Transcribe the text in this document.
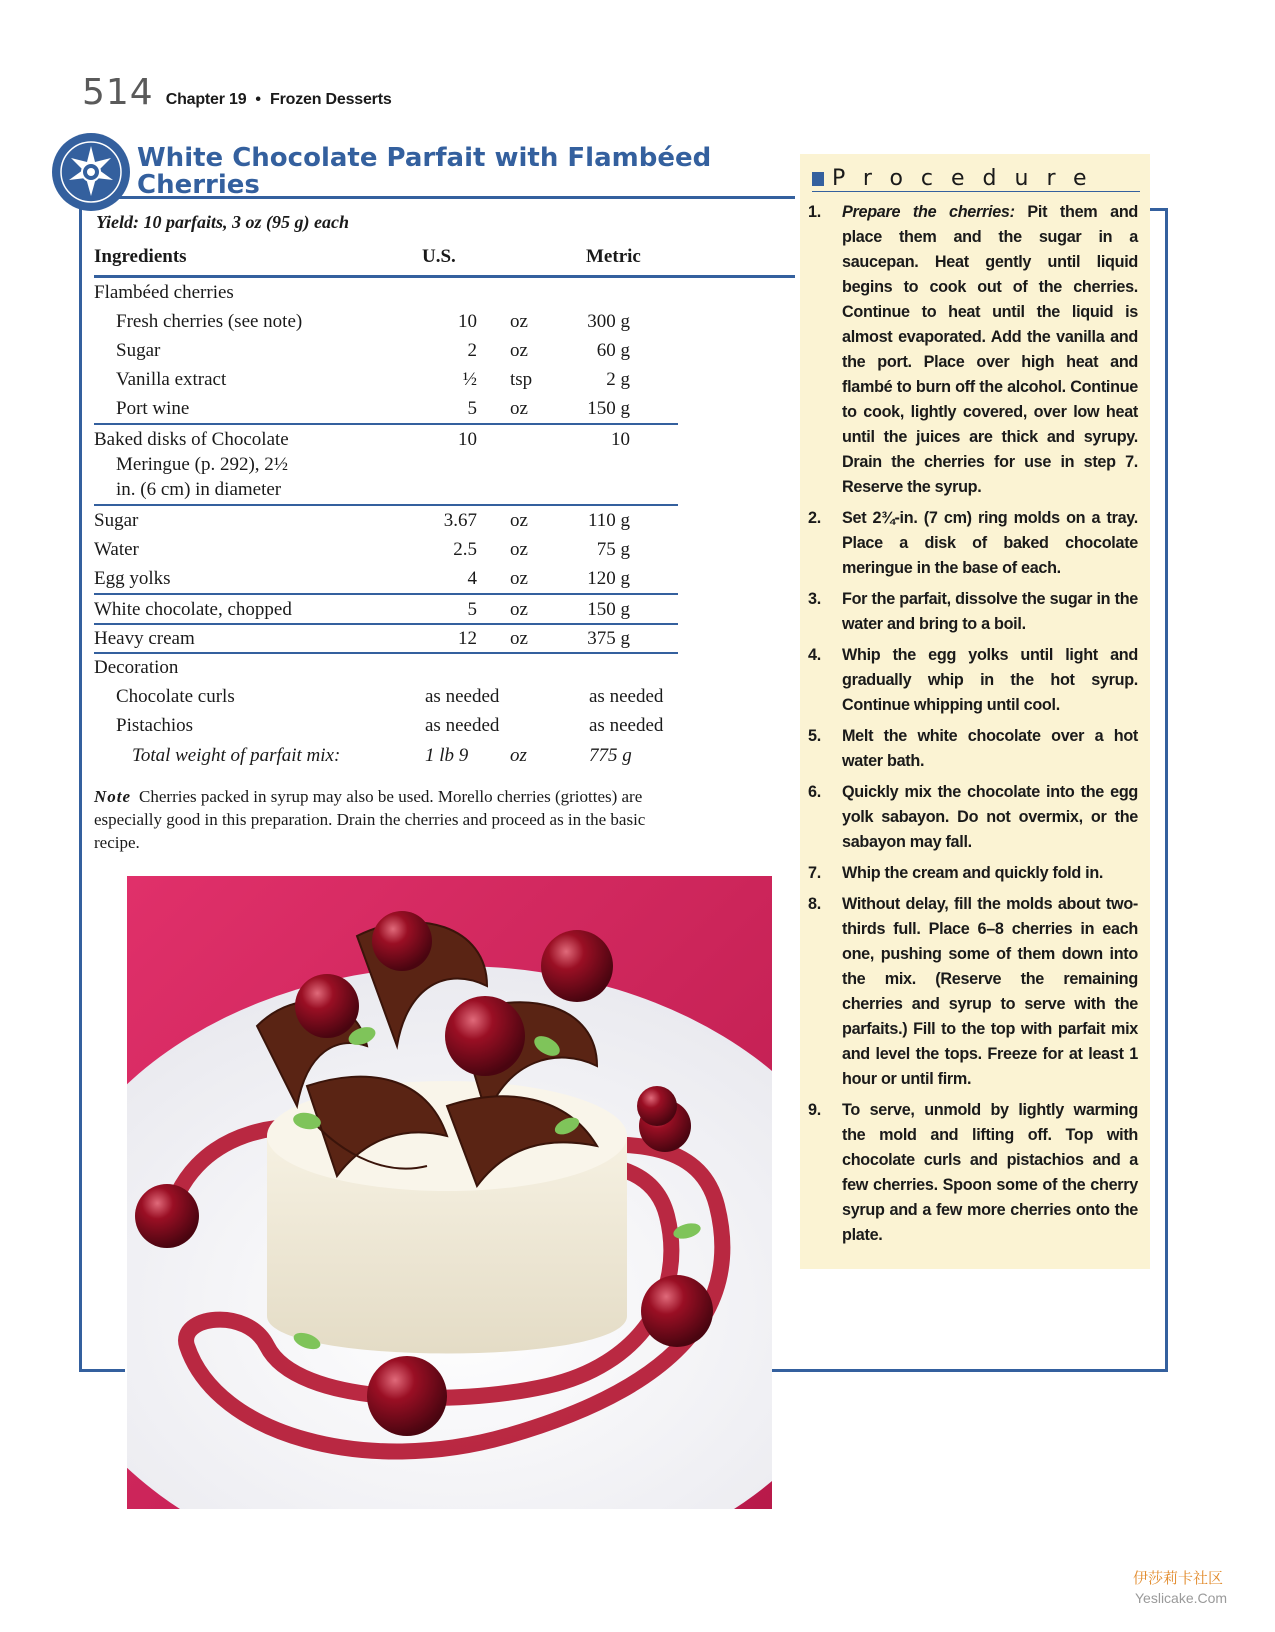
514 Chapter 19 • Frozen Desserts
White Chocolate Parfait with Flambéed Cherries
Yield: 10 parfaits, 3 oz (95 g) each
Ingredients	U.S.	Metric
Flambéed cherries
Fresh cherries (see note)	10 oz	300 g
Sugar	2 oz	60 g
Vanilla extract	½ tsp	2 g
Port wine	5 oz	150 g
Baked disks of Chocolate
Meringue (p. 292), 2½
in. (6 cm) in diameter
10	10
Sugar	3.67 oz	110 g
Water	2.5 oz	75 g
Egg yolks	4 oz	120 g
White chocolate, chopped	5 oz	150 g
Heavy cream	12 oz	375 g
Decoration
Chocolate curls	as needed	as needed
Pistachios	as needed	as needed
Total weight of parfait mix:	1 lb 9 oz	775 g
Note Cherries packed in syrup may also be used. Morello cherries (griottes) are especially good in this preparation. Drain the cherries and proceed as in the basic recipe.
Procedure
1. Prepare the cherries: Pit them and place them and the sugar in a saucepan. Heat gently until liquid begins to cook out of the cherries. Continue to heat until the liquid is almost evaporated. Add the vanilla and the port. Place over high heat and flambé to burn off the alcohol. Continue to cook, lightly covered, over low heat until the juices are thick and syrupy. Drain the cherries for use in step 7. Reserve the syrup.
2. Set 2¾-in. (7 cm) ring molds on a tray. Place a disk of baked chocolate meringue in the base of each.
3. For the parfait, dissolve the sugar in the water and bring to a boil.
4. Whip the egg yolks until light and gradually whip in the hot syrup. Continue whipping until cool.
5. Melt the white chocolate over a hot water bath.
6. Quickly mix the chocolate into the egg yolk sabayon. Do not overmix, or the sabayon may fall.
7. Whip the cream and quickly fold in.
8. Without delay, fill the molds about two-thirds full. Place 6–8 cherries in each one, pushing some of them down into the mix. (Reserve the remaining cherries and syrup to serve with the parfaits.) Fill to the top with parfait mix and level the tops. Freeze for at least 1 hour or until firm.
9. To serve, unmold by lightly warming the mold and lifting off. Top with chocolate curls and pistachios and a few cherries. Spoon some of the cherry syrup and a few more cherries onto the plate.
伊莎莉卡社区
Yeslicake.Com
